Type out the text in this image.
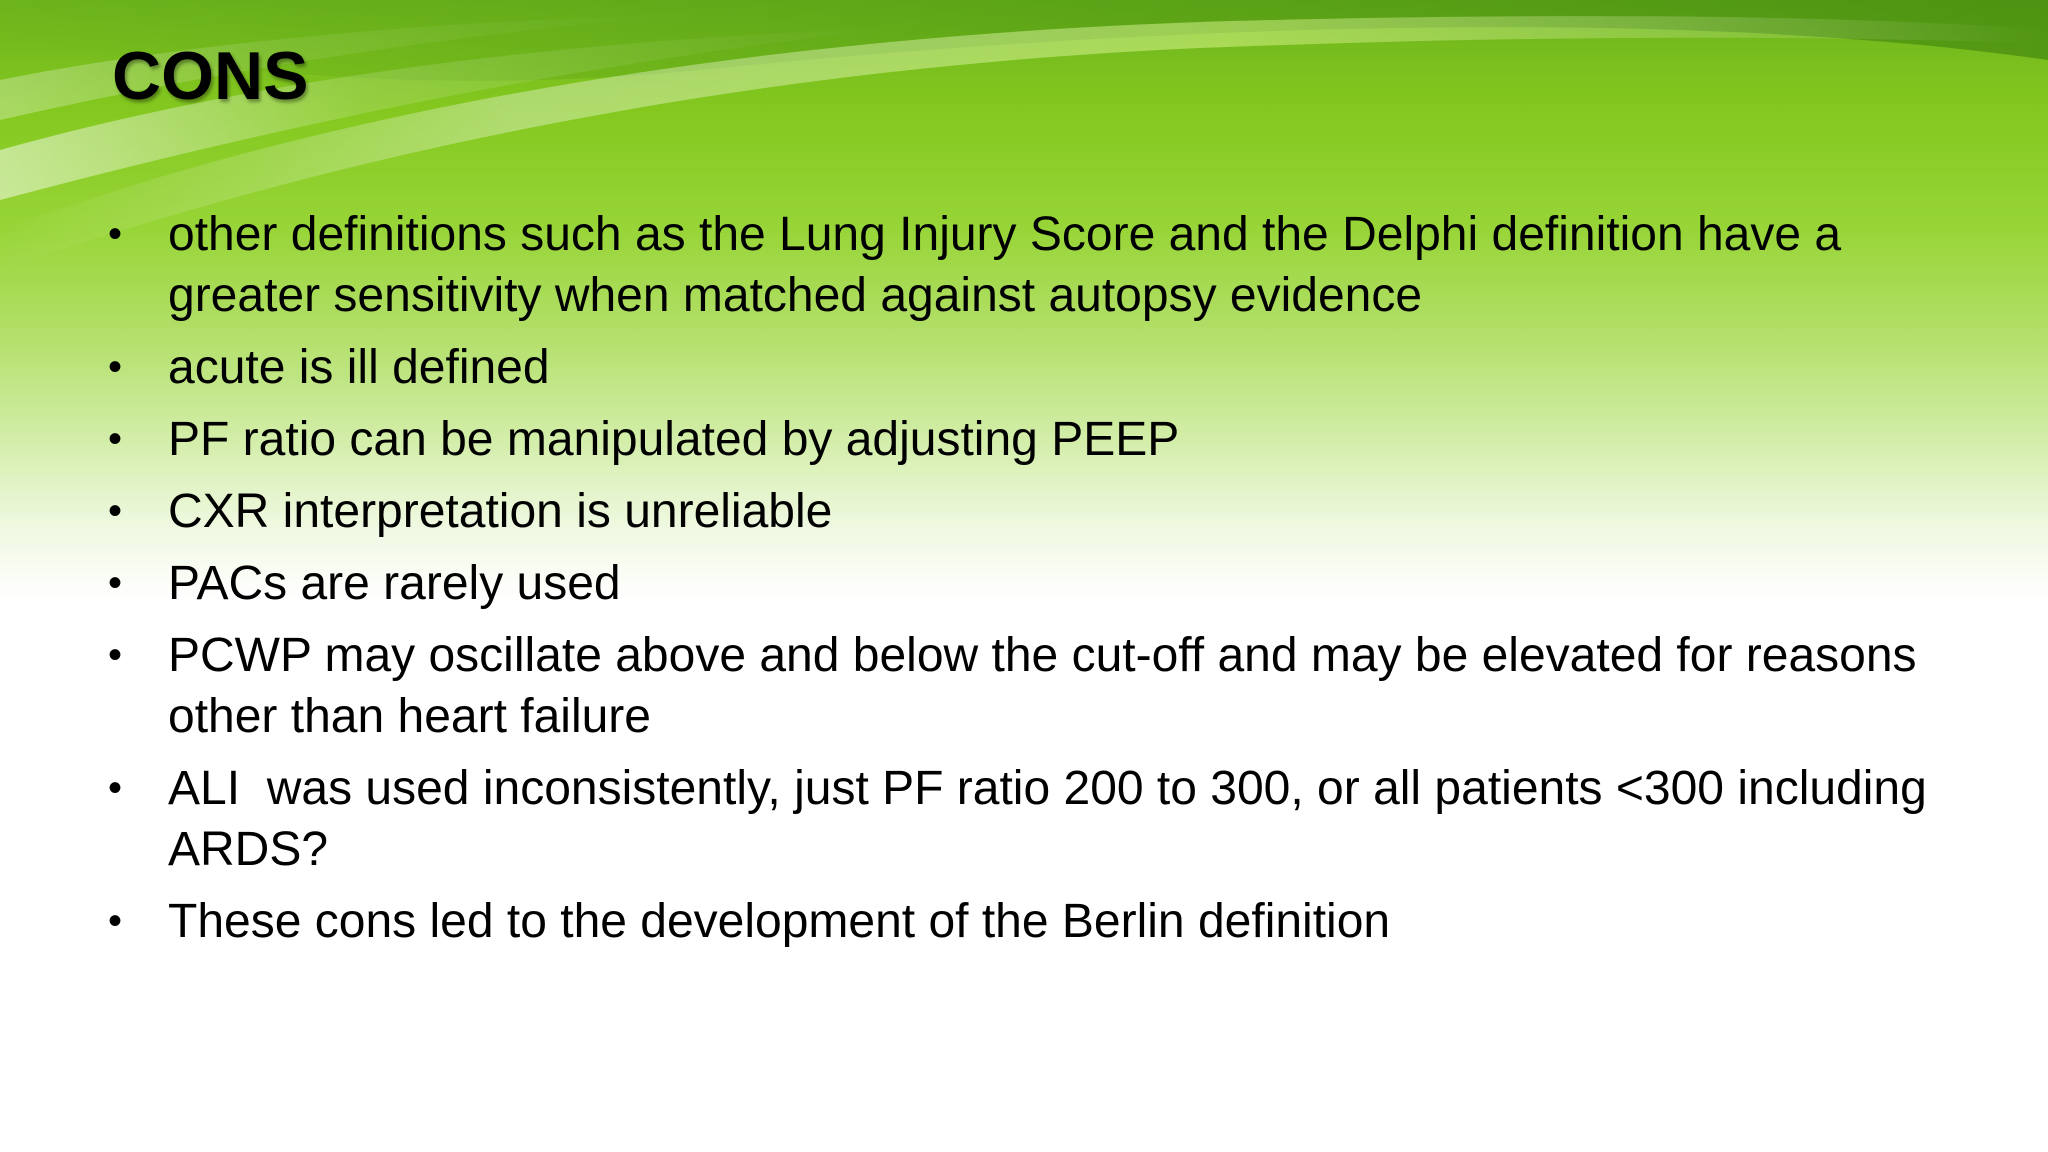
CONS
• other definitions such as the Lung Injury Score and the Delphi definition have a greater sensitivity when matched against autopsy evidence
• acute is ill defined
• PF ratio can be manipulated by adjusting PEEP
• CXR interpretation is unreliable
• PACs are rarely used
• PCWP may oscillate above and below the cut-off and may be elevated for reasons other than heart failure
• ALI  was used inconsistently, just PF ratio 200 to 300, or all patients <300 including ARDS?
• These cons led to the development of the Berlin definition
